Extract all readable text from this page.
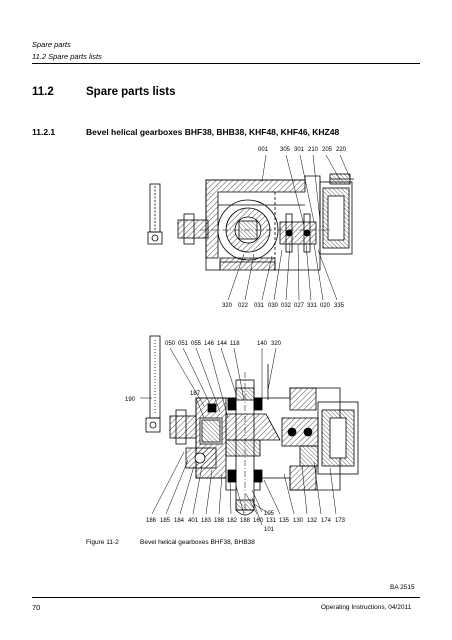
Spare parts
11.2 Spare parts lists
11.2	Spare parts lists
11.2.1	Bevel helical gearboxes BHF38, BHB38, KHF48, KHF46, KHZ48
001 305 301 210 205 220
320 022 031 030 032 027 331 020 335
050 051 055 146 144 118	140 320
190
187
186 185 184 401 183 188 182 188 160 131
105
101
135 130 132 174 173
Figure 11-2	Bevel helical gearboxes BHF38, BHB38
BA 2515
70	Operating Instructions, 04/2011
